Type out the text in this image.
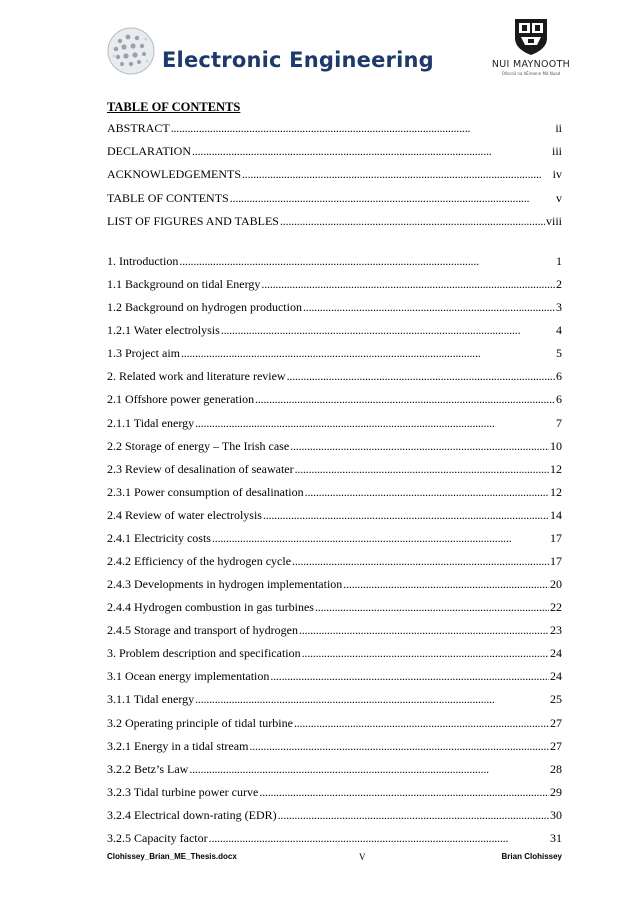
Electronic Engineering	NUI MAYNOOTH
Ollscoil na hÉireann Má Nuad
TABLE OF CONTENTS
ABSTRACT . . .	ii
DECLARATION . . .	iii
ACKNOWLEDGEMENTS . . .	iv
TABLE OF CONTENTS . . .	v
LIST OF FIGURES AND TABLES . . .	viii
1. Introduction . . .	1
1.1 Background on tidal Energy . . .	2
1.2 Background on hydrogen production . . .	3
1.2.1 Water electrolysis . . .	4
1.3 Project aim . . .	5
2. Related work and literature review . . .	6
2.1 Offshore power generation . . .	6
2.1.1 Tidal energy . . .	7
2.2 Storage of energy – The Irish case . . .	10
2.3 Review of desalination of seawater . . .	12
2.3.1 Power consumption of desalination . . .	12
2.4 Review of water electrolysis . . .	14
2.4.1 Electricity costs . . .	17
2.4.2 Efficiency of the hydrogen cycle . . .	17
2.4.3 Developments in hydrogen implementation . . .	20
2.4.4 Hydrogen combustion in gas turbines . . .	22
2.4.5 Storage and transport of hydrogen . . .	23
3. Problem description and specification . . .	24
3.1 Ocean energy implementation . . .	24
3.1.1 Tidal energy . . .	25
3.2 Operating principle of tidal turbine . . .	27
3.2.1 Energy in a tidal stream . . .	27
3.2.2 Betz’s Law . . .	28
3.2.3 Tidal turbine power curve . . .	29
3.2.4 Electrical down-rating (EDR) . . .	30
3.2.5 Capacity factor . . .	31
Clohissey_Brian_ME_Thesis.docx	V	Brian Clohissey
